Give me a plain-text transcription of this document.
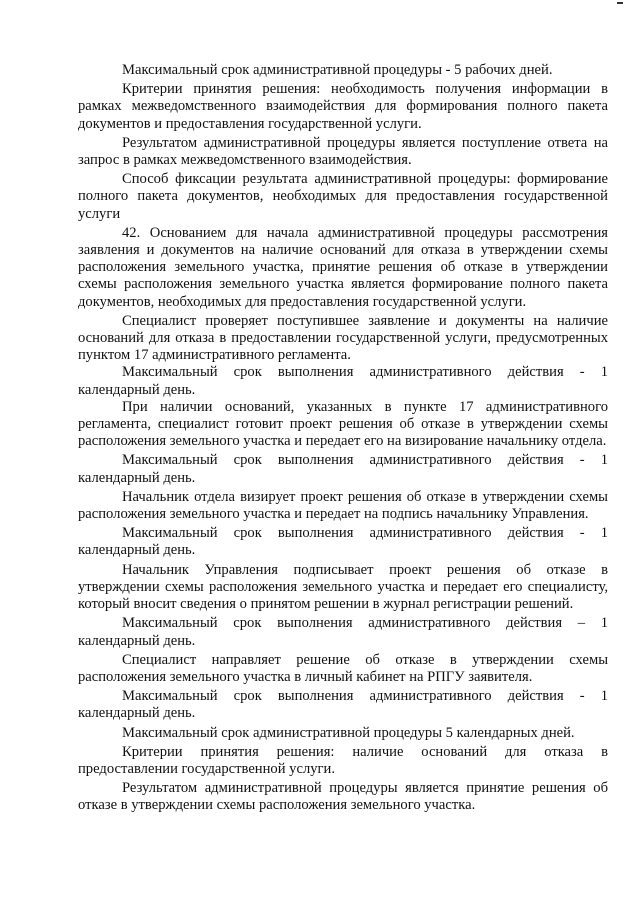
Максимальный срок административной процедуры - 5 рабочих дней.

Критерии принятия решения: необходимость получения информации в рамках межведомственного взаимодействия для формирования полного пакета документов и предоставления государственной услуги.

Результатом административной процедуры является поступление ответа на запрос в рамках межведомственного взаимодействия.

Способ фиксации результата административной процедуры: формирование полного пакета документов, необходимых для предоставления государственной услуги

42. Основанием для начала административной процедуры рассмотрения заявления и документов на наличие оснований для отказа в утверждении схемы расположения земельного участка, принятие решения об отказе в утверждении схемы расположения земельного участка является формирование полного пакета документов, необходимых для предоставления государственной услуги.

Специалист проверяет поступившее заявление и документы на наличие оснований для отказа в предоставлении государственной услуги, предусмотренных пунктом 17 административного регламента.

Максимальный срок выполнения административного действия - 1 календарный день.

При наличии оснований, указанных в пункте 17 административного регламента, специалист готовит проект решения об отказе в утверждении схемы расположения земельного участка и передает его на визирование начальнику отдела.

Максимальный срок выполнения административного действия - 1 календарный день.

Начальник отдела визирует проект решения об отказе в утверждении схемы расположения земельного участка и передает на подпись начальнику Управления.

Максимальный срок выполнения административного действия - 1 календарный день.

Начальник Управления подписывает проект решения об отказе в утверждении схемы расположения земельного участка и передает его специалисту, который вносит сведения о принятом решении в журнал регистрации решений.

Максимальный срок выполнения административного действия – 1 календарный день.

Специалист направляет решение об отказе в утверждении схемы расположения земельного участка в личный кабинет на РПГУ заявителя.

Максимальный срок выполнения административного действия - 1 календарный день.

Максимальный срок административной процедуры 5 календарных дней.

Критерии принятия решения: наличие оснований для отказа в предоставлении государственной услуги.

Результатом административной процедуры является принятие решения об отказе в утверждении схемы расположения земельного участка.
